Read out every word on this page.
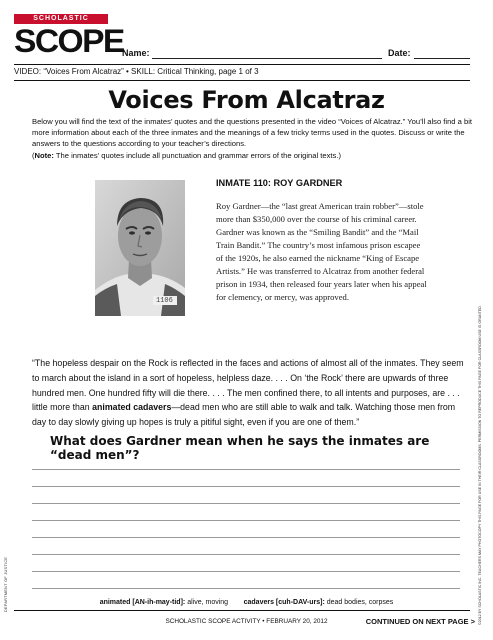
SCHOLASTIC
SCOPE
Name:	Date:
VIDEO: “Voices From Alcatraz” • SKILL: Critical Thinking, page 1 of 3
Voices From Alcatraz
Below you will find the text of the inmates’ quotes and the questions presented in the video “Voices of Alcatraz.” You’ll also find a bit more information about each of the three inmates and the meanings of a few tricky terms used in the quotes. Discuss or write the answers to the questions according to your teacher’s directions.
(Note: The inmates’ quotes include all punctuation and grammar errors of the original texts.)
©2012 BY SCHOLASTIC INC. TEACHERS MAY PHOTOCOPY THIS PAGE FOR USE IN THEIR CLASSROOMS. PERMISSION TO REPRODUCE THIS PAGE FOR CLASSROOM USE IS GRANTED.
DEPARTMENT OF JUSTICE
1106
INMATE 110: ROY GARDNER
Roy Gardner—the “last great American train robber”—stole more than $350,000 over the course of his criminal career. Gardner was known as the “Smiling Bandit” and the “Mail Train Bandit.” The country’s most infamous prison escapee of the 1920s, he also earned the nickname “King of Escape Artists.” He was transferred to Alcatraz from another federal prison in 1934, then released four years later when his appeal for clemency, or mercy, was approved.
“The hopeless despair on the Rock is reflected in the faces and actions of almost all of the inmates. They seem to march about the island in a sort of hopeless, helpless daze. . . . On ‘the Rock’ there are upwards of three hundred men. One hundred fifty will die there. . . . The men confined there, to all intents and purposes, are . . . little more than animated cadavers—dead men who are still able to walk and talk. Watching those men from day to day slowly giving up hopes is truly a pitiful sight, even if you are one of them.”
What does Gardner mean when he says the inmates are “dead men”?
animated [AN-ih-may-tid]: alive, moving cadavers [cuh-DAV-urs]: dead bodies, corpses
SCHOLASTIC SCOPE ACTIVITY • FEBRUARY 20, 2012	CONTINUED ON NEXT PAGE >
